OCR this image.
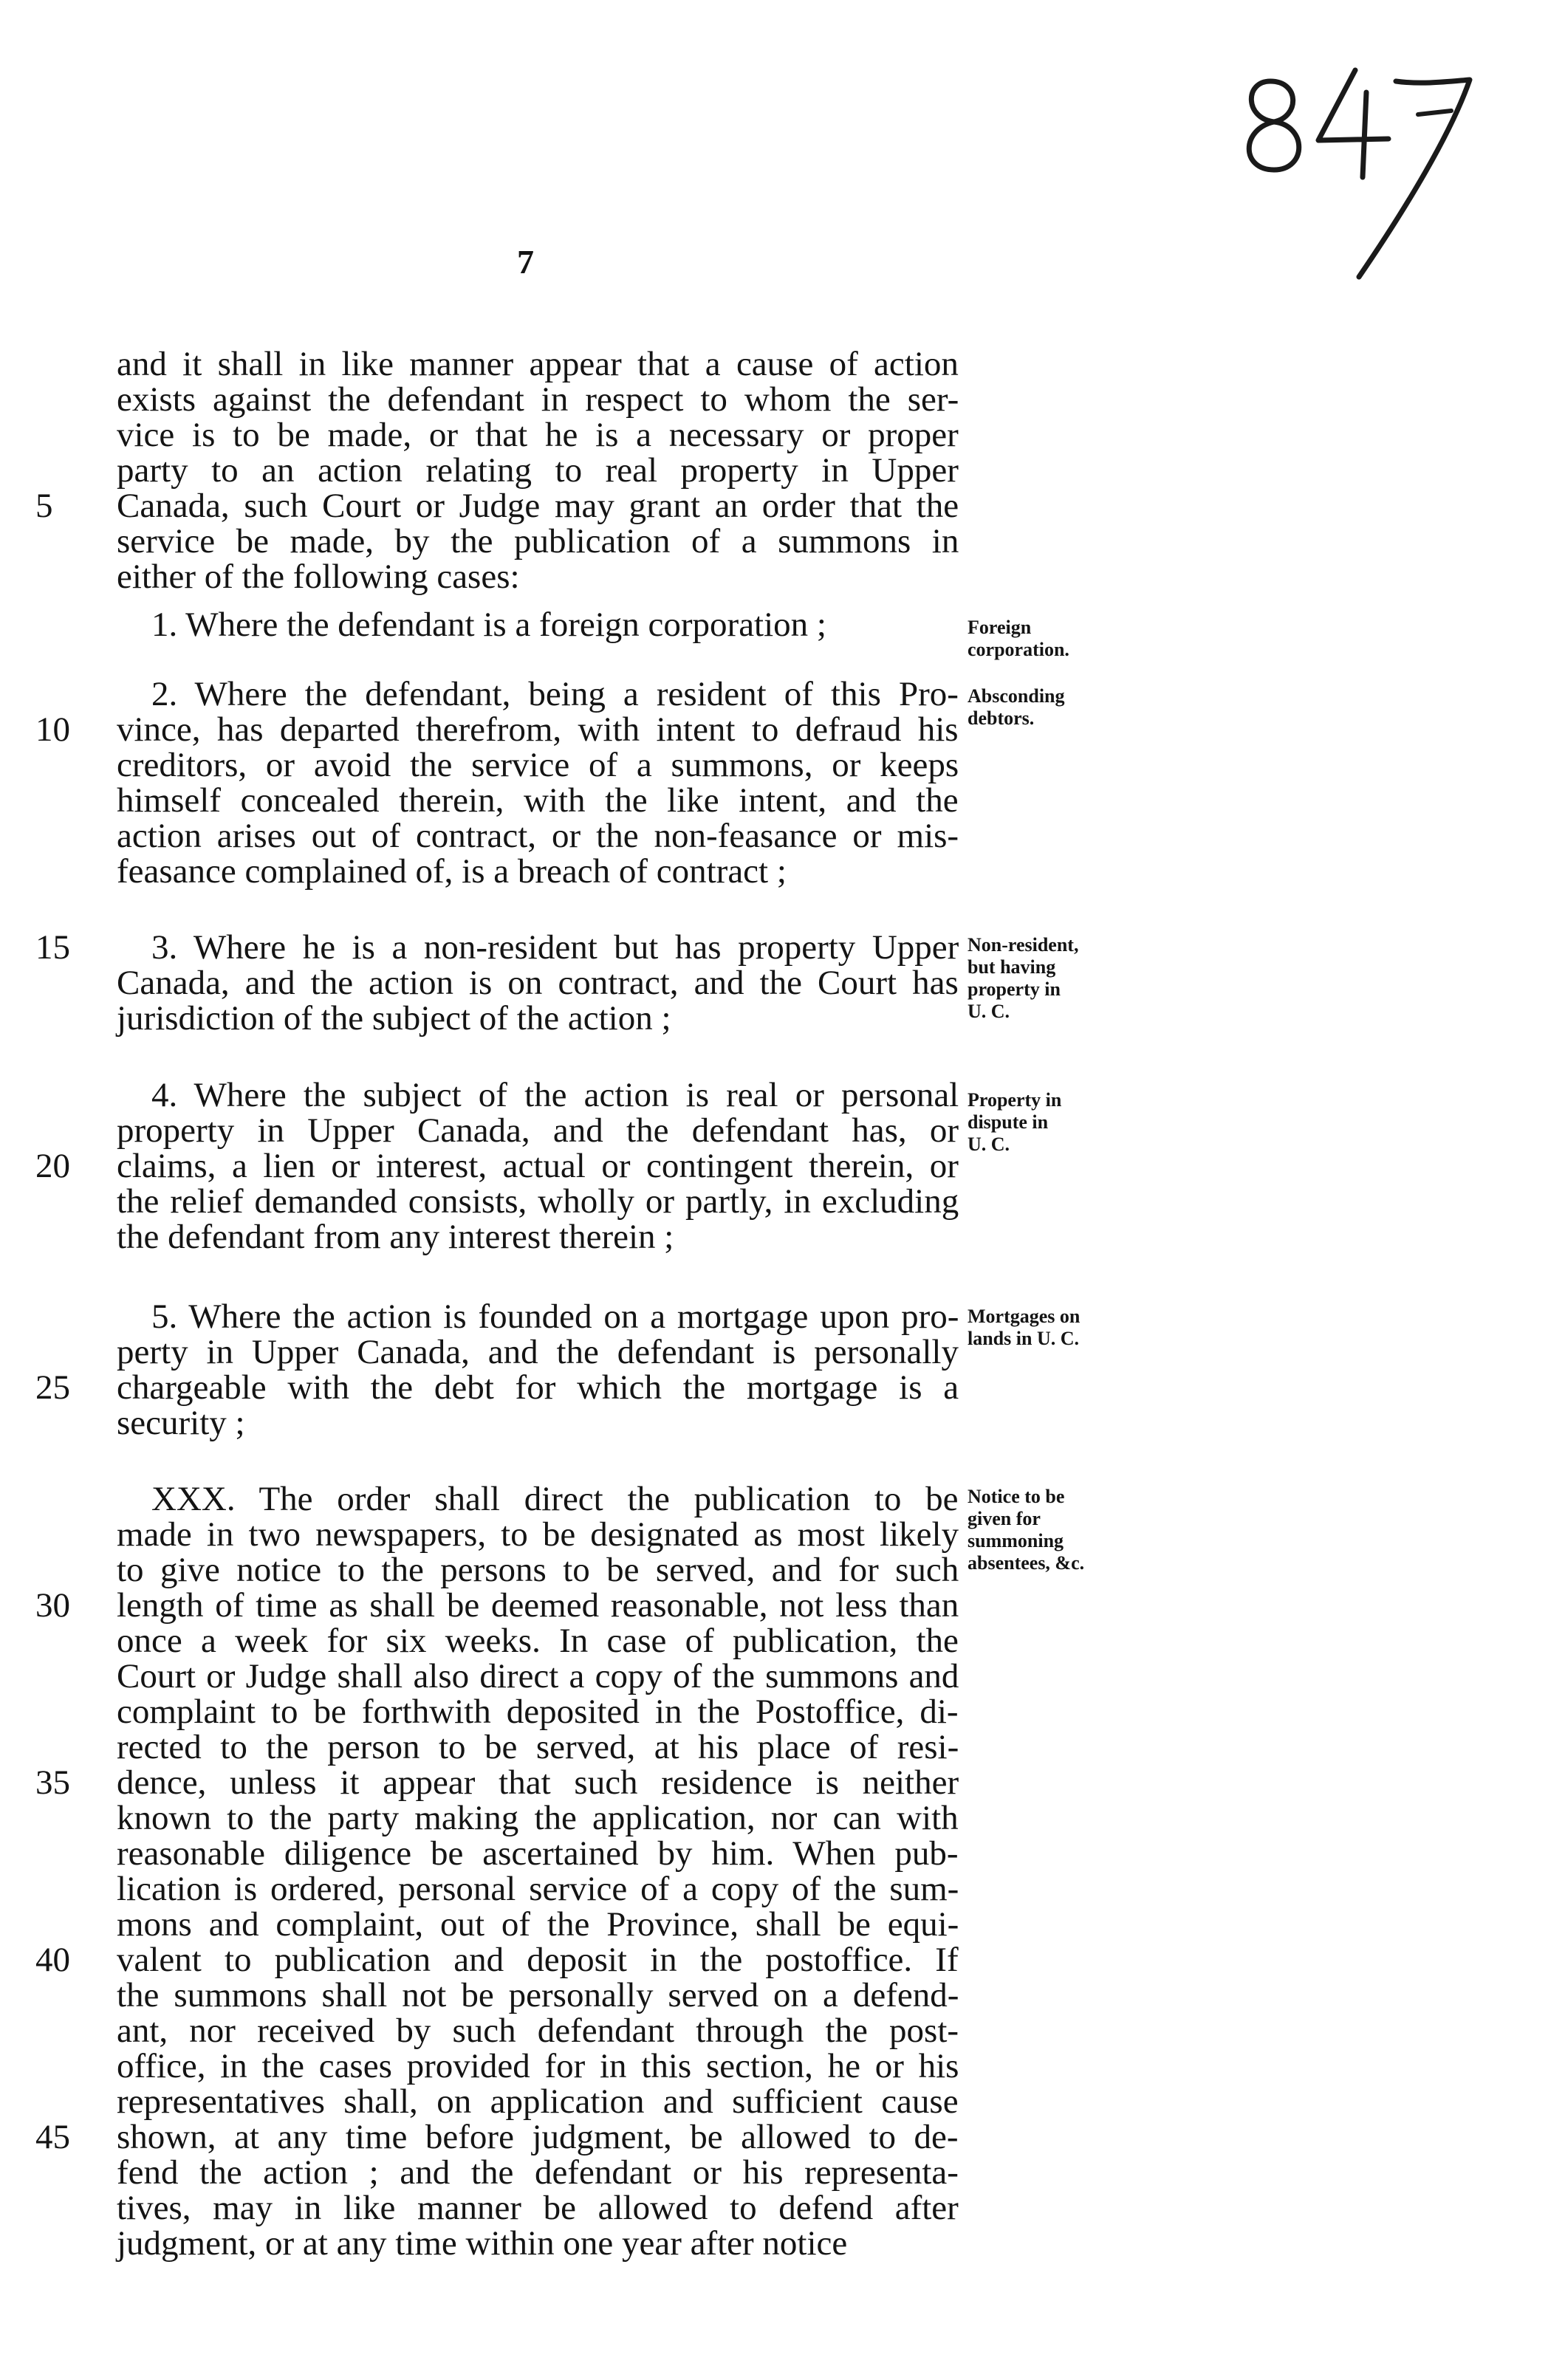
7
and it shall in like manner appear that a cause of action
exists against the defendant in respect to whom the ser-
vice is to be made, or that he is a necessary or proper
party to an action relating to real property in Upper
Canada, such Court or Judge may grant an order that the
service be made, by the publication of a summons in
either of the following cases:
5
1. Where the defendant is a foreign corporation ;	Foreign
corporation.
2. Where the defendant, being a resident of this Pro-
vince, has departed therefrom, with intent to defraud his
creditors, or avoid the service of a summons, or keeps
himself concealed therein, with the like intent, and the
action arises out of contract, or the non-feasance or mis-
feasance complained of, is a breach of contract ;
10
Absconding
debtors.
3. Where he is a non-resident but has property Upper
Canada, and the action is on contract, and the Court has
jurisdiction of the subject of the action ;
15	Non-resident,
but having
property in
U. C.
4. Where the subject of the action is real or personal
property in Upper Canada, and the defendant has, or
claims, a lien or interest, actual or contingent therein, or
the relief demanded consists, wholly or partly, in excluding
the defendant from any interest therein ;
20
Property in
dispute in
U. C.
5. Where the action is founded on a mortgage upon pro-
perty in Upper Canada, and the defendant is personally
chargeable with the debt for which the mortgage is a
security ;
25
Mortgages on
lands in U. C.
XXX. The order shall direct the publication to be
made in two newspapers, to be designated as most likely
to give notice to the persons to be served, and for such
length of time as shall be deemed reasonable, not less than
once a week for six weeks. In case of publication, the
Court or Judge shall also direct a copy of the summons and
complaint to be forthwith deposited in the Postoffice, di-
rected to the person to be served, at his place of resi-
dence, unless it appear that such residence is neither
known to the party making the application, nor can with
reasonable diligence be ascertained by him. When pub-
lication is ordered, personal service of a copy of the sum-
mons and complaint, out of the Province, shall be equi-
valent to publication and deposit in the postoffice. If
the summons shall not be personally served on a defend-
ant, nor received by such defendant through the post-
office, in the cases provided for in this section, he or his
representatives shall, on application and sufficient cause
shown, at any time before judgment, be allowed to de-
fend the action ; and the defendant or his representa-
tives, may in like manner be allowed to defend after
judgment, or at any time within one year after notice
30
35
40
45
Notice to be
given for
summoning
absentees, &c.
